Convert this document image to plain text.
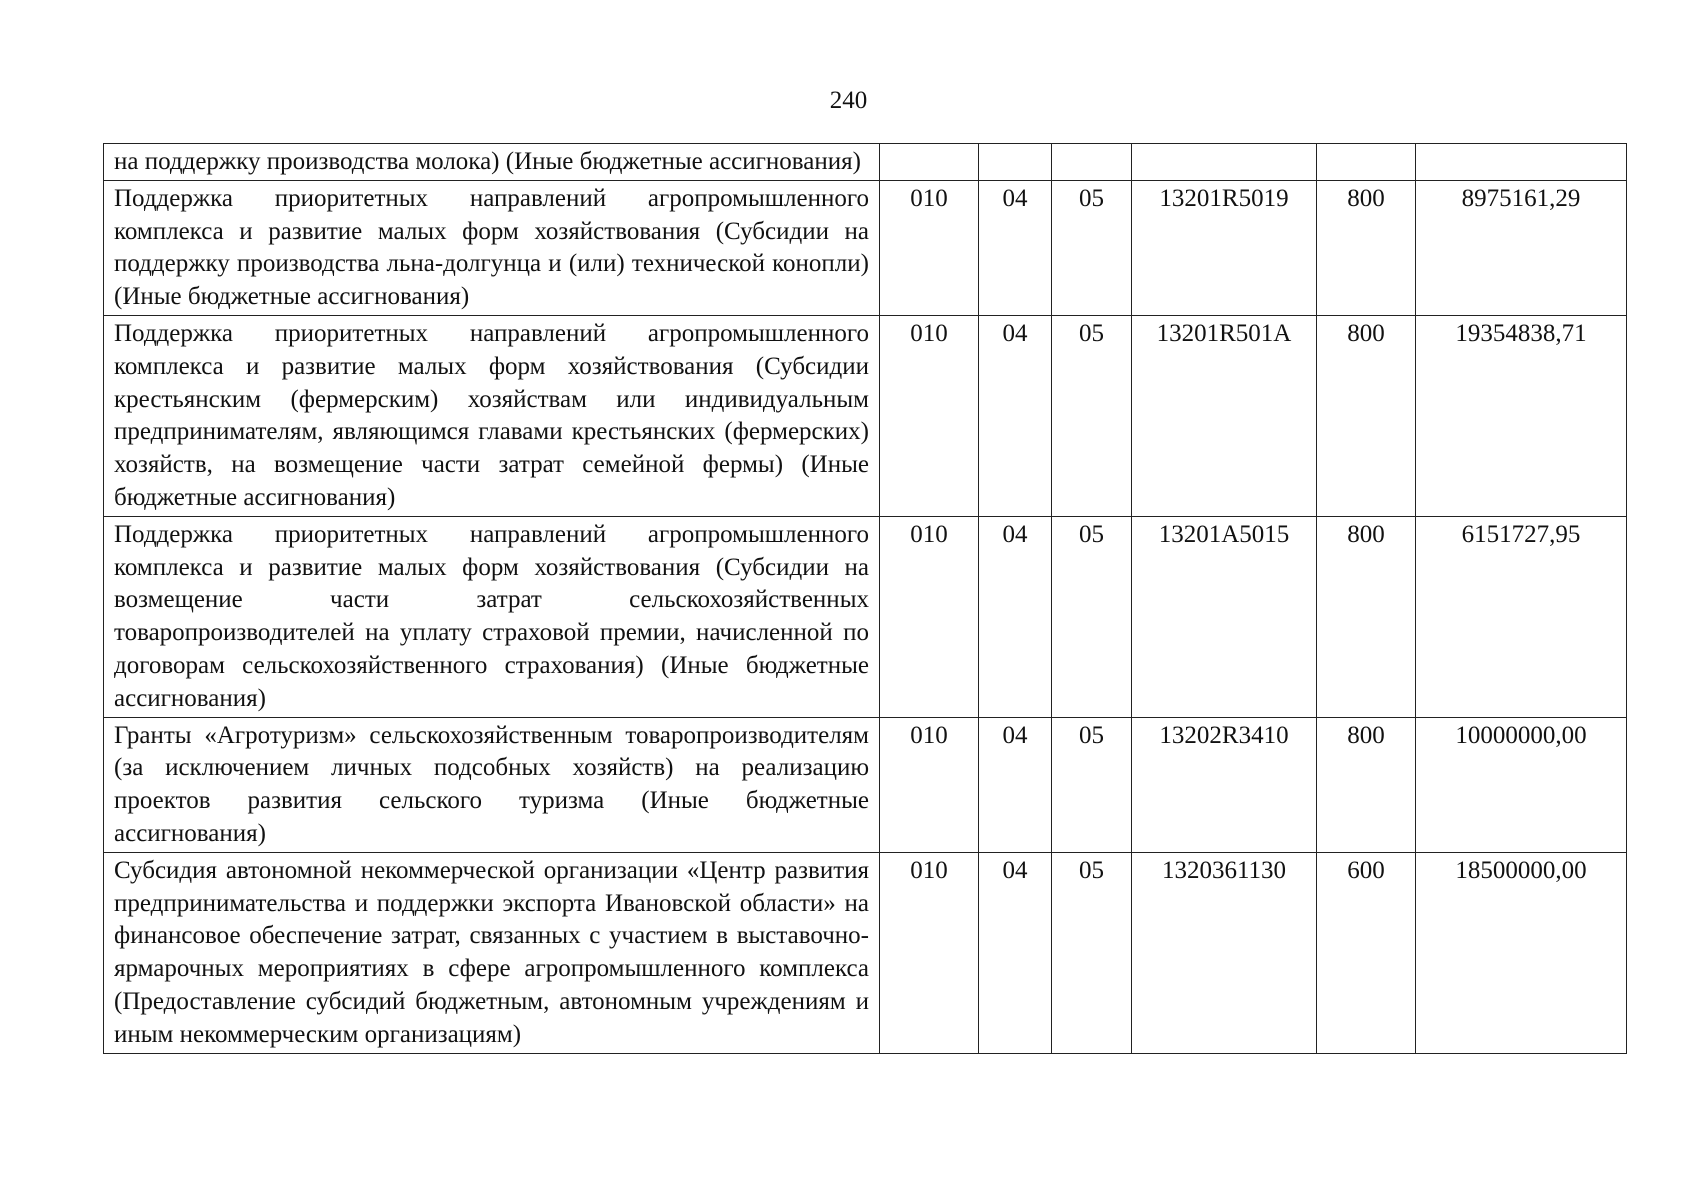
240
на поддержку производства молока) (Иные бюджетные ассигнования)						
Поддержка приоритетных направлений агропромышленного комплекса и развитие малых форм хозяйствования (Субсидии на поддержку производства льна-долгунца и (или) технической конопли) (Иные бюджетные ассигнования)	010	04	05	13201R5019	800	8975161,29
Поддержка приоритетных направлений агропромышленного комплекса и развитие малых форм хозяйствования (Субсидии крестьянским (фермерским) хозяйствам или индивидуальным предпринимателям, являющимся главами крестьянских (фермерских) хозяйств, на возмещение части затрат семейной фермы) (Иные бюджетные ассигнования)	010	04	05	13201R501A	800	19354838,71
Поддержка приоритетных направлений агропромышленного комплекса и развитие малых форм хозяйствования (Субсидии на возмещение части затрат сельскохозяйственных товаропроизводителей на уплату страховой премии, начисленной по договорам сельскохозяйственного страхования) (Иные бюджетные ассигнования)	010	04	05	13201A5015	800	6151727,95
Гранты «Агротуризм» сельскохозяйственным товаропроизводителям (за исключением личных подсобных хозяйств) на реализацию проектов развития сельского туризма (Иные бюджетные ассигнования)	010	04	05	13202R3410	800	10000000,00
Субсидия автономной некоммерческой организации «Центр развития предпринимательства и поддержки экспорта Ивановской области» на финансовое обеспечение затрат, связанных с участием в выставочно-ярмарочных мероприятиях в сфере агропромышленного комплекса (Предоставление субсидий бюджетным, автономным учреждениям и иным некоммерческим организациям)	010	04	05	1320361130	600	18500000,00
